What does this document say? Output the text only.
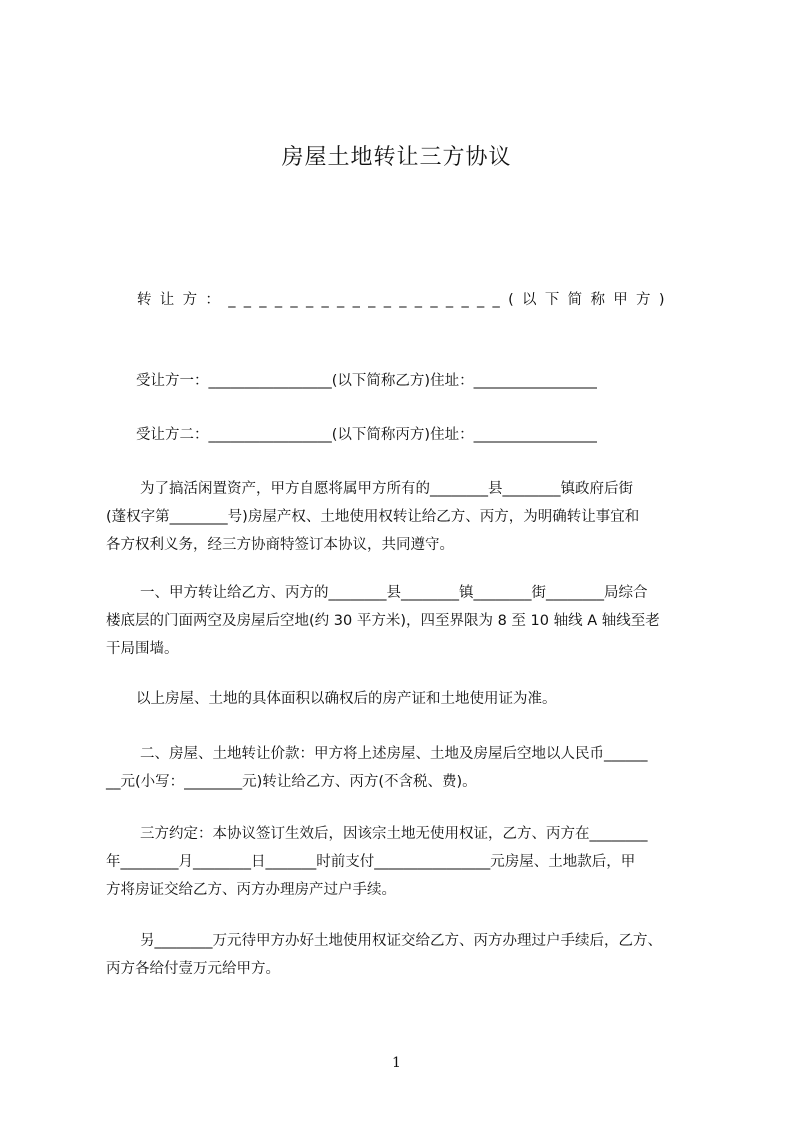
房屋土地转让三方协议
转让方：__________________(以下简称甲方)
受让方一：_________________(以下简称乙方)住址：_________________
受让方二：_________________(以下简称丙方)住址：_________________
为了搞活闲置资产，甲方自愿将属甲方所有的________县________镇政府后街
(蓬权字第________号)房屋产权、土地使用权转让给乙方、丙方，为明确转让事宜和
各方权利义务，经三方协商特签订本协议，共同遵守。
一、甲方转让给乙方、丙方的________县________镇________街________局综合
楼底层的门面两空及房屋后空地(约 30 平方米)，四至界限为 8 至 10 轴线 A 轴线至老
干局围墙。
以上房屋、土地的具体面积以确权后的房产证和土地使用证为准。
二、房屋、土地转让价款：甲方将上述房屋、土地及房屋后空地以人民币______
__元(小写：________元)转让给乙方、丙方(不含税、费)。
三方约定：本协议签订生效后，因该宗土地无使用权证，乙方、丙方在________
年________月________日_______时前支付________________元房屋、土地款后，甲
方将房证交给乙方、丙方办理房产过户手续。
另________万元待甲方办好土地使用权证交给乙方、丙方办理过户手续后，乙方、
丙方各给付壹万元给甲方。
1
